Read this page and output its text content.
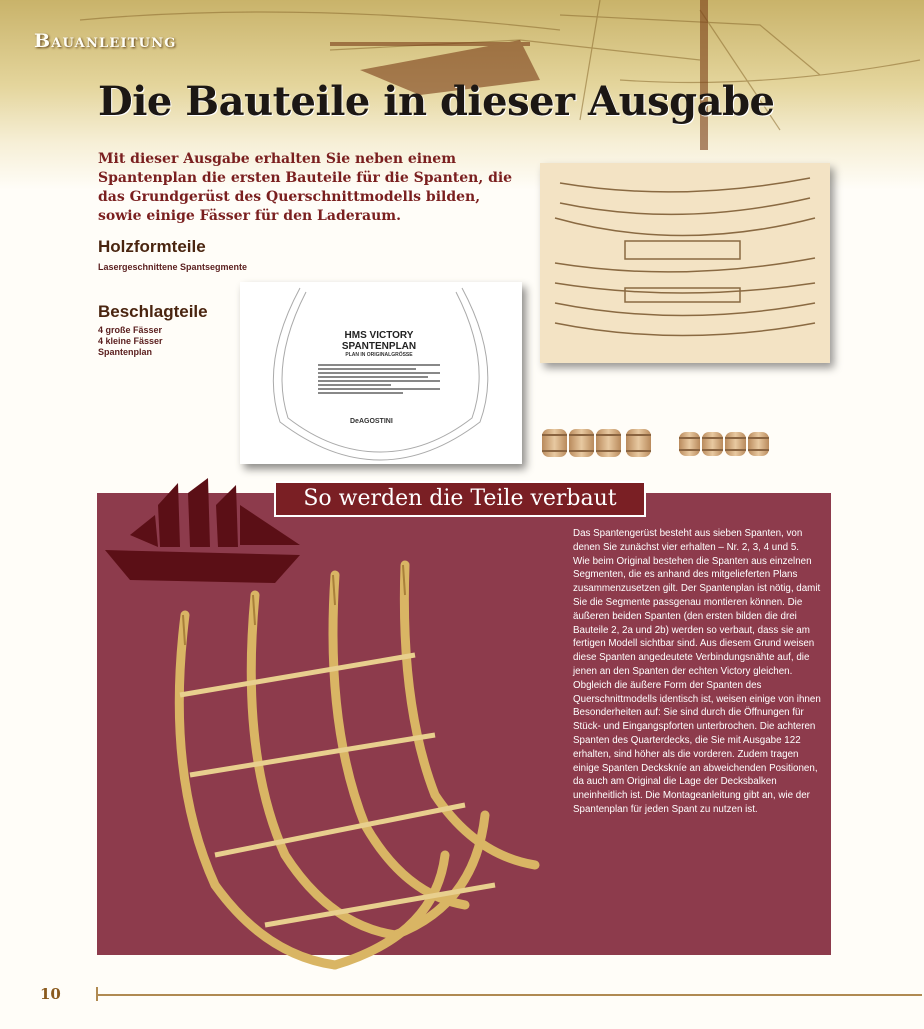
Bauanleitung
Die Bauteile in dieser Ausgabe
Mit dieser Ausgabe erhalten Sie neben einem Spantenplan die ersten Bauteile für die Spanten, die das Grundgerüst des Querschnittmodells bilden, sowie einige Fässer für den Laderaum.
Holzformteile
Lasergeschnittene Spantsegmente
Beschlagteile
4 große Fässer
4 kleine Fässer
Spantenplan
HMS VICTORY
SPANTENPLAN
PLAN IN ORIGINALGRÖSSE
DeAGOSTINI
So werden die Teile verbaut
Das Spantengerüst besteht aus sieben Spanten, von denen Sie zunächst vier erhalten – Nr. 2, 3, 4 und 5.
Wie beim Original bestehen die Spanten aus einzelnen Segmenten, die es anhand des mitgelieferten Plans zusammenzusetzen gilt. Der Spantenplan ist nötig, damit Sie die Segmente passgenau montieren können. Die äußeren beiden Spanten (den ersten bilden die drei Bauteile 2, 2a und 2b) werden so verbaut, dass sie am fertigen Modell sichtbar sind. Aus diesem Grund weisen diese Spanten angedeutete Verbindungsnähte auf, die jenen an den Spanten der echten Victory gleichen. Obgleich die äußere Form der Spanten des Querschnittmodells identisch ist, weisen einige von ihnen Besonderheiten auf: Sie sind durch die Öffnungen für Stück- und Eingangspforten unterbrochen. Die achteren Spanten des Quarterdecks, die Sie mit Ausgabe 122 erhalten, sind höher als die vorderen. Zudem tragen einige Spanten Deckskníe an abweichenden Positionen, da auch am Original die Lage der Decksbalken uneinheitlich ist. Die Montageanleitung gibt an, wie der Spantenplan für jeden Spant zu nutzen ist.
10
